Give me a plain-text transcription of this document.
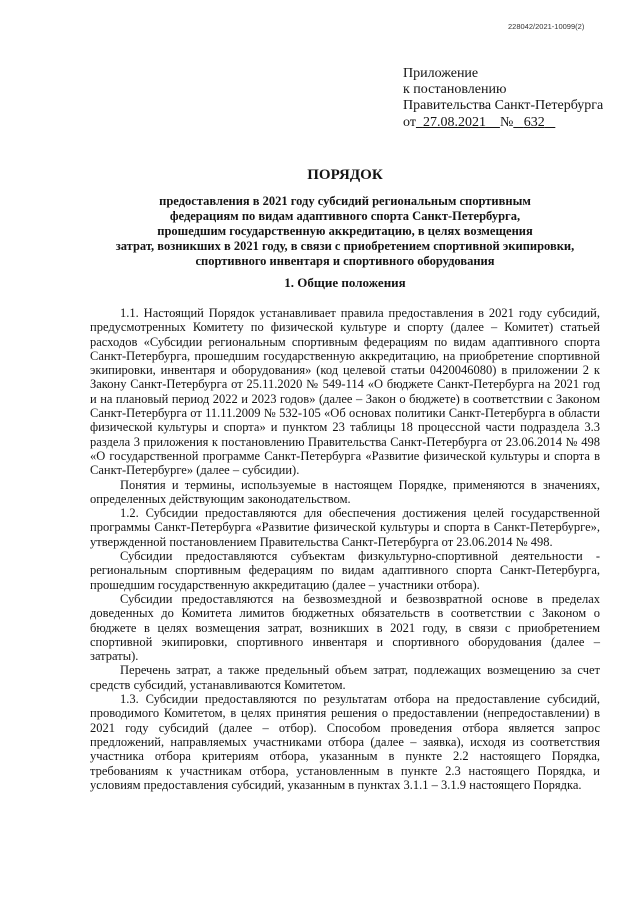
228042/2021-10099(2)
Приложение
к постановлению
Правительства Санкт-Петербурга
от 27.08.2021 № 632
ПОРЯДОК
предоставления в 2021 году субсидий региональным спортивным
федерациям по видам адаптивного спорта Санкт-Петербурга,
прошедшим государственную аккредитацию, в целях возмещения
затрат, возникших в 2021 году, в связи с приобретением спортивной экипировки,
спортивного инвентаря и спортивного оборудования
1. Общие положения

1.1. Настоящий Порядок устанавливает правила предоставления в 2021 году субсидий, предусмотренных Комитету по физической культуре и спорту (далее – Комитет) статьей расходов «Субсидии региональным спортивным федерациям по видам адаптивного спорта Санкт-Петербурга, прошедшим государственную аккредитацию, на приобретение спортивной экипировки, инвентаря и оборудования» (код целевой статьи 0420046080) в приложении 2 к Закону Санкт-Петербурга от 25.11.2020 № 549-114 «О бюджете Санкт-Петербурга на 2021 год и на плановый период 2022 и 2023 годов» (далее – Закон о бюджете) в соответствии с Законом Санкт-Петербурга от 11.11.2009 № 532-105 «Об основах политики Санкт-Петербурга в области физической культуры и спорта» и пунктом 23 таблицы 18 процессной части подраздела 3.3 раздела 3 приложения к постановлению Правительства Санкт-Петербурга от 23.06.2014 № 498 «О государственной программе Санкт-Петербурга «Развитие физической культуры и спорта в Санкт-Петербурге» (далее – субсидии).

Понятия и термины, используемые в настоящем Порядке, применяются в значениях, определенных действующим законодательством.

1.2. Субсидии предоставляются для обеспечения достижения целей государственной программы Санкт-Петербурга «Развитие физической культуры и спорта в Санкт-Петербурге», утвержденной постановлением Правительства Санкт-Петербурга от 23.06.2014 № 498.

Субсидии предоставляются субъектам физкультурно-спортивной деятельности - региональным спортивным федерациям по видам адаптивного спорта Санкт-Петербурга, прошедшим государственную аккредитацию (далее – участники отбора).

Субсидии предоставляются на безвозмездной и безвозвратной основе в пределах доведенных до Комитета лимитов бюджетных обязательств в соответствии с Законом о бюджете в целях возмещения затрат, возникших в 2021 году, в связи с приобретением спортивной экипировки, спортивного инвентаря и спортивного оборудования (далее – затраты).

Перечень затрат, а также предельный объем затрат, подлежащих возмещению за счет средств субсидий, устанавливаются Комитетом.

1.3. Субсидии предоставляются по результатам отбора на предоставление субсидий, проводимого Комитетом, в целях принятия решения о предоставлении (непредоставлении) в 2021 году субсидий (далее – отбор). Способом проведения отбора является запрос предложений, направляемых участниками отбора (далее – заявка), исходя из соответствия участника отбора критериям отбора, указанным в пункте 2.2 настоящего Порядка, требованиям к участникам отбора, установленным в пункте 2.3 настоящего Порядка, и условиям предоставления субсидий, указанным в пунктах 3.1.1 – 3.1.9 настоящего Порядка.
